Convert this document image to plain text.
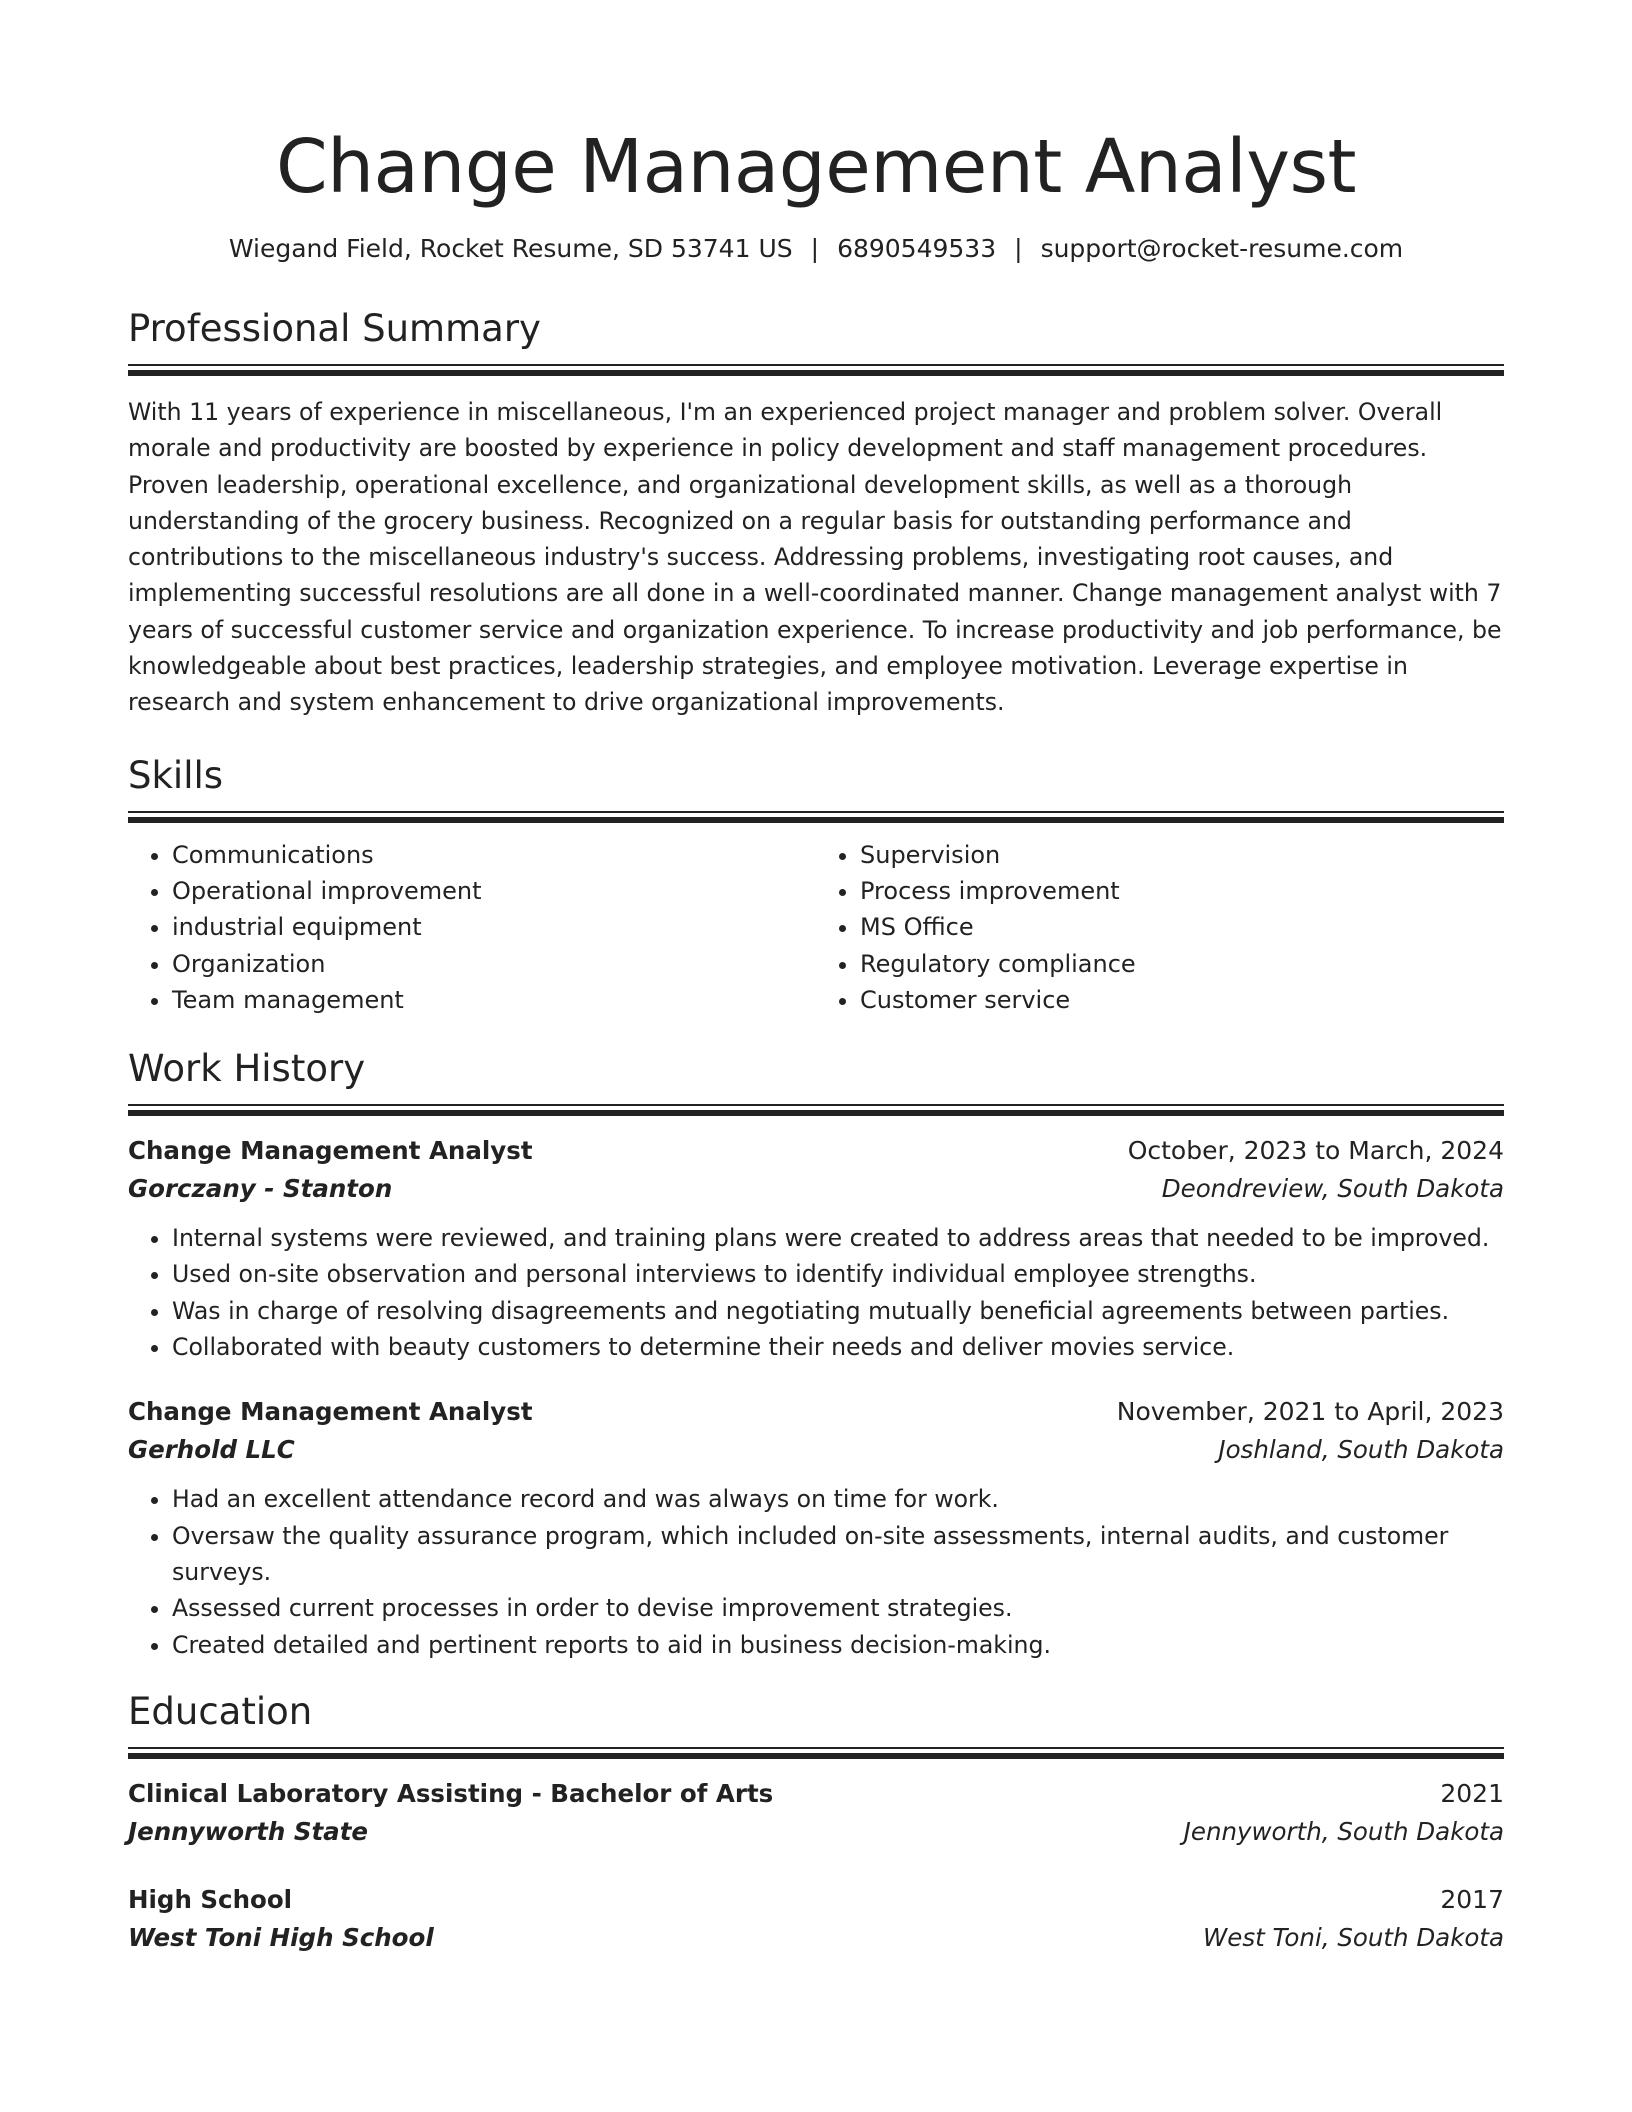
Change Management Analyst
Wiegand Field, Rocket Resume, SD 53741 US | 6890549533 | support@rocket-resume.com
Professional Summary
With 11 years of experience in miscellaneous, I'm an experienced project manager and problem solver. Overall morale and productivity are boosted by experience in policy development and staff management procedures. Proven leadership, operational excellence, and organizational development skills, as well as a thorough understanding of the grocery business. Recognized on a regular basis for outstanding performance and contributions to the miscellaneous industry's success. Addressing problems, investigating root causes, and implementing successful resolutions are all done in a well-coordinated manner. Change management analyst with 7 years of successful customer service and organization experience. To increase productivity and job performance, be knowledgeable about best practices, leadership strategies, and employee motivation. Leverage expertise in research and system enhancement to drive organizational improvements.
Skills
• Communications
• Operational improvement
• industrial equipment
• Organization
• Team management
• Supervision
• Process improvement
• MS Office
• Regulatory compliance
• Customer service
Work History
Change Management Analyst	October, 2023 to March, 2024
Gorczany - Stanton	Deondreview, South Dakota
• Internal systems were reviewed, and training plans were created to address areas that needed to be improved.
• Used on-site observation and personal interviews to identify individual employee strengths.
• Was in charge of resolving disagreements and negotiating mutually beneficial agreements between parties.
• Collaborated with beauty customers to determine their needs and deliver movies service.
Change Management Analyst	November, 2021 to April, 2023
Gerhold LLC	Joshland, South Dakota
• Had an excellent attendance record and was always on time for work.
• Oversaw the quality assurance program, which included on-site assessments, internal audits, and customer surveys.
• Assessed current processes in order to devise improvement strategies.
• Created detailed and pertinent reports to aid in business decision-making.
Education
Clinical Laboratory Assisting - Bachelor of Arts	2021
Jennyworth State	Jennyworth, South Dakota
High School	2017
West Toni High School	West Toni, South Dakota
